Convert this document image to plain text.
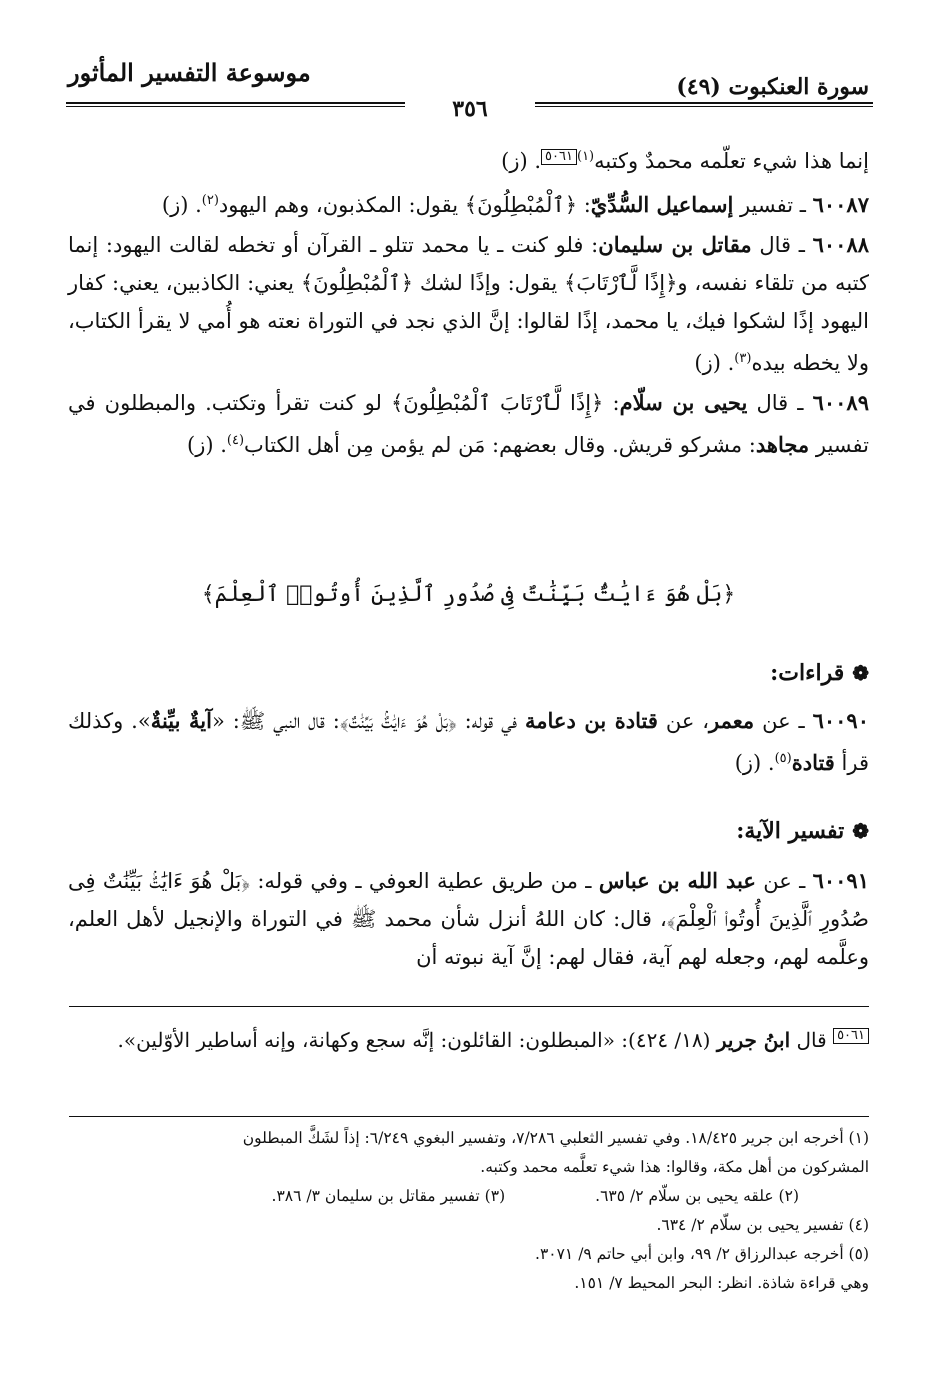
موسوعة التفسير المأثور	سورة العنكبوت (٤٩)
٣٥٦

إنما هذا شيء تعلّمه محمدٌ وكتبه$^{(١)}$٥٠٦١. (ز)

٦٠٠٨٧ ـ تفسير إسماعيل السُّدِّيّ: ﴿ٱلْمُبْطِلُونَ﴾ يقول: المكذبون، وهم اليهود$^{(٢)}$. (ز)

٦٠٠٨٨ ـ قال مقاتل بن سليمان: فلو كنت ـ يا محمد تتلو ـ القرآن أو تخطه لقالت اليهود: إنما كتبه من تلقاء نفسه، و﴿إِذًا لَّٱرْتَابَ﴾ يقول: وإذًا لشك ﴿ٱلْمُبْطِلُونَ﴾ يعني: الكاذبين، يعني: كفار اليهود إذًا لشكوا فيك، يا محمد، إذًا لقالوا: إنَّ الذي نجد في التوراة نعته هو أُمي لا يقرأ الكتاب، ولا يخطه بيده$^{(٣)}$. (ز)

٦٠٠٨٩ ـ قال يحيى بن سلّام: ﴿إِذًا لَّٱرْتَابَ ٱلْمُبْطِلُونَ﴾ لو كنت تقرأ وتكتب. والمبطلون في تفسير مجاهد: مشركو قريش. وقال بعضهم: مَن لم يؤمن مِن أهل الكتاب$^{(٤)}$. (ز)

﴿بَلْ هُوَ ءَايَٰتٌۢ بَيِّنَٰتٌ فِى صُدُورِ ٱلَّذِينَ أُوتُوا۟ ٱلْعِلْمَ﴾
❁قراءات:

٦٠٠٩٠ ـ عن معمر، عن قتادة بن دعامة في قوله: ﴿بَلْ هُوَ ءَايَٰتٌۢ بَيِّنَٰتٌ﴾: قال النبي ﷺ: «آيةٌ بيِّنةٌ». وكذلك قرأ قتادة$^{(٥)}$. (ز)

❁تفسير الآية:

٦٠٠٩١ ـ عن عبد الله بن عباس ـ من طريق عطية العوفي ـ وفي قوله: ﴿بَلْ هُوَ ءَايَٰتٌۢ بَيِّنَٰتٌ فِى صُدُورِ ٱلَّذِينَ أُوتُوا۟ ٱلْعِلْمَ﴾، قال: كان اللهُ أنزل شأن محمد ﷺ في التوراة والإنجيل لأهل العلم، وعلَّمه لهم، وجعله لهم آية، فقال لهم: إنَّ آية نبوته أن

٥٠٦١ قال ابنُ جرير (١٨/ ٤٢٤): «المبطلون: القائلون: إنَّه سجع وكهانة، وإنه أساطير الأوّلين».
(١) أخرجه ابن جرير ١٨/٤٢٥. وفي تفسير الثعلبي ٧/٢٨٦، وتفسير البغوي ٦/٢٤٩: إذاً لشَكَّ المبطلون
المشركون من أهل مكة، وقالوا: هذا شيء تعلَّمه محمد وكتبه.
(٢) علقه يحيى بن سلّام ٢/ ٦٣٥.
(٣) تفسير مقاتل بن سليمان ٣/ ٣٨٦.
(٤) تفسير يحيى بن سلّام ٢/ ٦٣٤.
(٥) أخرجه عبدالرزاق ٢/ ٩٩، وابن أبي حاتم ٩/ ٣٠٧١.
وهي قراءة شاذة. انظر: البحر المحيط ٧/ ١٥١.
